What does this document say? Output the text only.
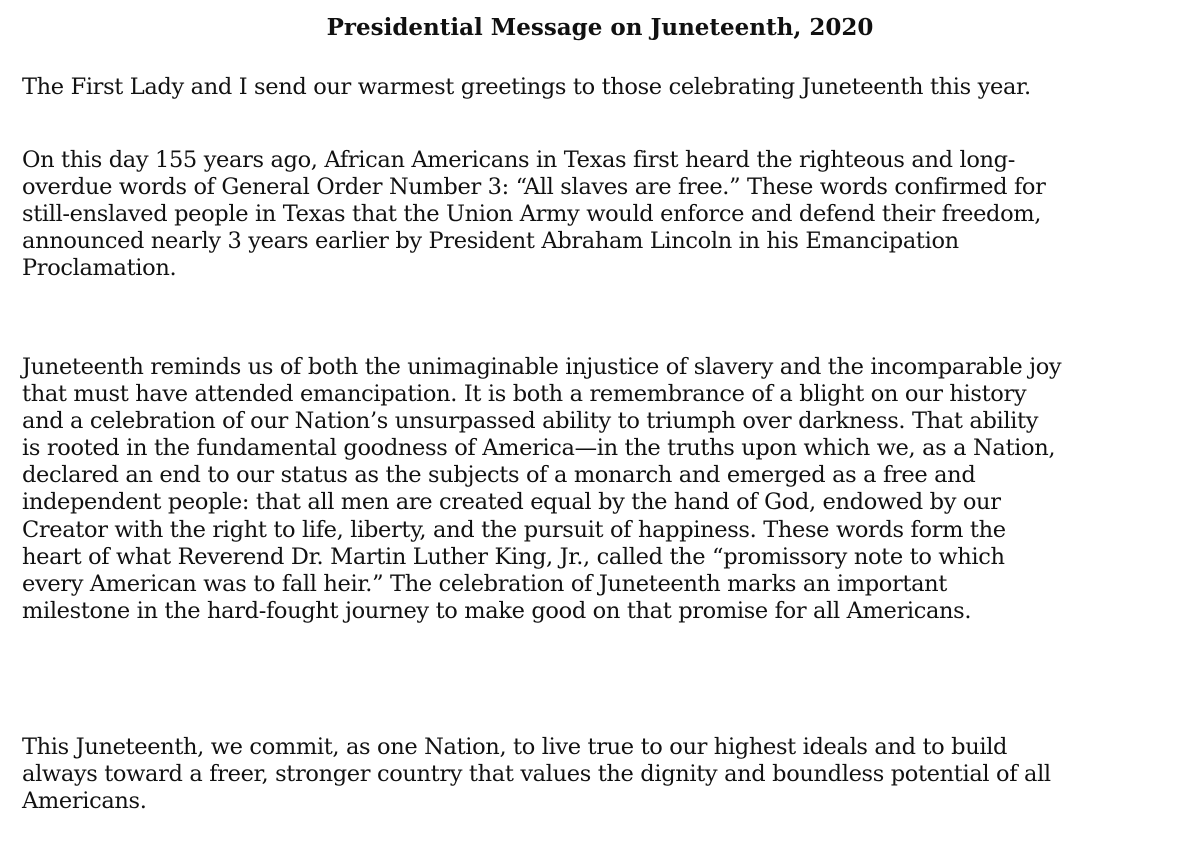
Presidential Message on Juneteenth, 2020

The First Lady and I send our warmest greetings to those celebrating Juneteenth this year.

On this day 155 years ago, African Americans in Texas first heard the righteous and long-
overdue words of General Order Number 3: “All slaves are free.” These words confirmed for
still-enslaved people in Texas that the Union Army would enforce and defend their freedom,
announced nearly 3 years earlier by President Abraham Lincoln in his Emancipation
Proclamation.

Juneteenth reminds us of both the unimaginable injustice of slavery and the incomparable joy
that must have attended emancipation. It is both a remembrance of a blight on our history
and a celebration of our Nation’s unsurpassed ability to triumph over darkness. That ability
is rooted in the fundamental goodness of America—in the truths upon which we, as a Nation,
declared an end to our status as the subjects of a monarch and emerged as a free and
independent people: that all men are created equal by the hand of God, endowed by our
Creator with the right to life, liberty, and the pursuit of happiness. These words form the
heart of what Reverend Dr. Martin Luther King, Jr., called the “promissory note to which
every American was to fall heir.” The celebration of Juneteenth marks an important
milestone in the hard-fought journey to make good on that promise for all Americans.

This Juneteenth, we commit, as one Nation, to live true to our highest ideals and to build
always toward a freer, stronger country that values the dignity and boundless potential of all
Americans.
